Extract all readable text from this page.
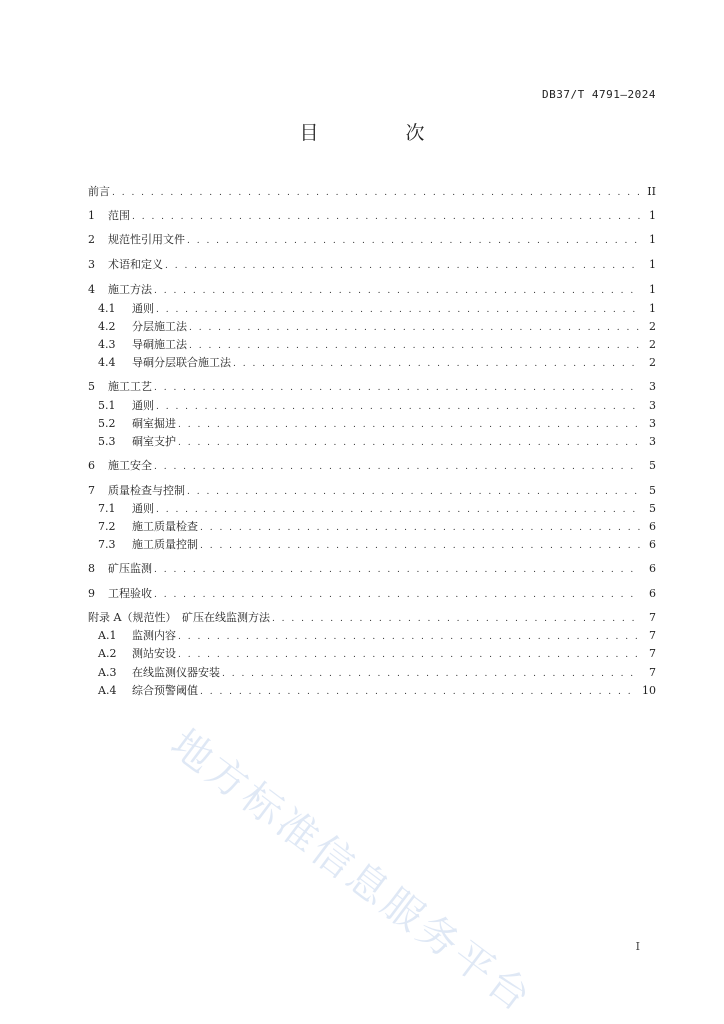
DB37/T 4791—2024
目　次
前言 . . .	II
1	范围 . . .	1
2	规范性引用文件 . . .	1
3	术语和定义 . . .	1
4	施工方法 . . .	1
4.1	通则 . . .	1
4.2	分层施工法 . . .	2
4.3	导硐施工法 . . .	2
4.4	导硐分层联合施工法 . . .	2
5	施工工艺 . . .	3
5.1	通则 . . .	3
5.2	硐室掘进 . . .	3
5.3	硐室支护 . . .	3
6	施工安全 . . .	5
7	质量检查与控制 . . .	5
7.1	通则 . . .	5
7.2	施工质量检查 . . .	6
7.3	施工质量控制 . . .	6
8	矿压监测 . . .	6
9	工程验收 . . .	6
附录 A（规范性）　矿压在线监测方法 . . .	7
A.1	监测内容 . . .	7
A.2	测站安设 . . .	7
A.3	在线监测仪器安装 . . .	7
A.4	综合预警阈值 . . .	10
地方标准信息服务平台	I
